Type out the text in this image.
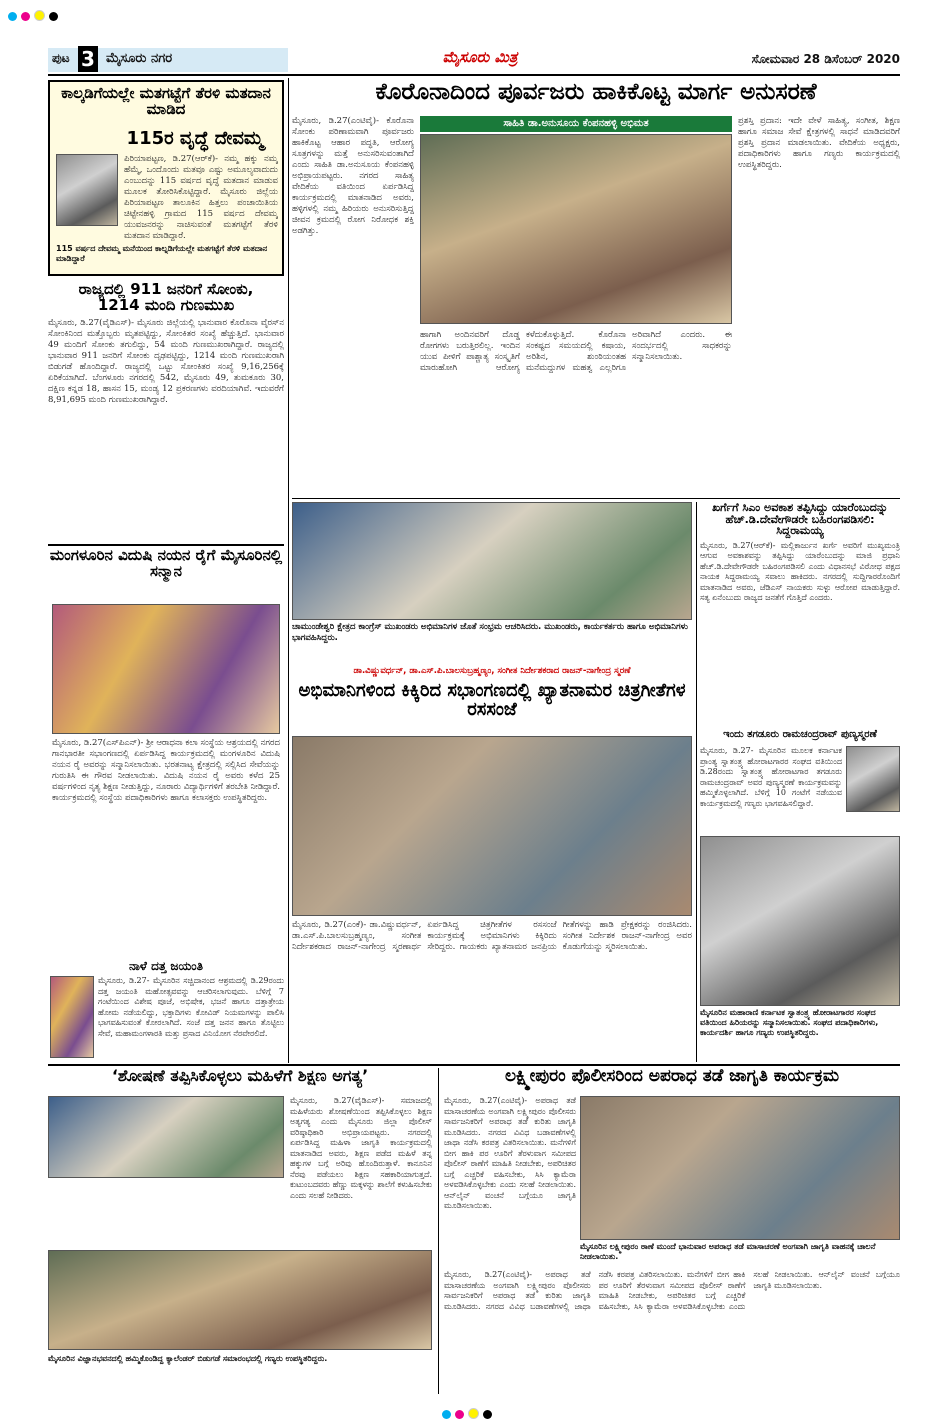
ಪುಟ 3 ಮೈಸೂರು ನಗರ	ಮೈಸೂರು ಮಿತ್ರ	ಸೋಮವಾರ 28 ಡಿಸೆಂಬರ್ 2020
ಕಾಲ್ಕಡಿಗೆಯಲ್ಲೇ ಮತಗಟ್ಟೆಗೆ ತೆರಳಿ ಮತದಾನ ಮಾಡಿದ
115ರ ವೃದ್ಧೆ ದೇವಮ್ಮ
ಪಿರಿಯಾಪಟ್ಟಣ, ಡಿ.27(ಆರ್‌ಕೆ)- ನಮ್ಮ ಹಕ್ಕು ನಮ್ಮ ಹೆಮ್ಮೆ, ಒಂದೊಂದು ಮತವೂ ಎಷ್ಟು ಅಮೂಲ್ಯವಾದುದು ಎಂಬುದನ್ನು 115 ವರ್ಷದ ವೃದ್ಧೆ ಮತದಾನ ಮಾಡುವ ಮೂಲಕ ತೋರಿಸಿಕೊಟ್ಟಿದ್ದಾರೆ. ಮೈಸೂರು ಜಿಲ್ಲೆಯ ಪಿರಿಯಾಪಟ್ಟಣ ತಾಲೂಕಿನ ಹಿತ್ತಲು ಪಂಚಾಯಿತಿಯ ಚಿಟ್ಟೇನಹಳ್ಳಿ ಗ್ರಾಮದ 115 ವರ್ಷದ ದೇವಮ್ಮ ಯುವಜನರನ್ನು ನಾಚಿಸುವಂತೆ ಮತಗಟ್ಟೆಗೆ ತೆರಳಿ ಮತದಾನ ಮಾಡಿದ್ದಾರೆ.
115 ವರ್ಷದ ದೇವಮ್ಮ ಮನೆಯಿಂದ ಕಾಲ್ನಡಿಗೆಯಲ್ಲೇ ಮತಗಟ್ಟೆಗೆ ತೆರಳಿ ಮತದಾನ ಮಾಡಿದ್ದಾರೆ
ರಾಜ್ಯದಲ್ಲಿ 911 ಜನರಿಗೆ ಸೋಂಕು,
1214 ಮಂದಿ ಗುಣಮುಖ
ಮೈಸೂರು, ಡಿ.27(ವೈಡಿಎಸ್)- ಮೈಸೂರು ಜಿಲ್ಲೆಯಲ್ಲಿ ಭಾನುವಾರ ಕೊರೊನಾ ವೈರಸ್‌ನ ಸೋಂಕಿನಿಂದ ಮತ್ತೊಬ್ಬರು ಮೃತಪಟ್ಟಿದ್ದು, ಸೋಂಕಿತರ ಸಂಖ್ಯೆ ಹೆಚ್ಚುತ್ತಿದೆ. ಭಾನುವಾರ 49 ಮಂದಿಗೆ ಸೋಂಕು ತಗುಲಿದ್ದು, 54 ಮಂದಿ ಗುಣಮುಖರಾಗಿದ್ದಾರೆ. ರಾಜ್ಯದಲ್ಲಿ ಭಾನುವಾರ 911 ಜನರಿಗೆ ಸೋಂಕು ದೃಢಪಟ್ಟಿದ್ದು, 1214 ಮಂದಿ ಗುಣಮುಖರಾಗಿ ಬಿಡುಗಡೆ ಹೊಂದಿದ್ದಾರೆ. ರಾಜ್ಯದಲ್ಲಿ ಒಟ್ಟು ಸೋಂಕಿತರ ಸಂಖ್ಯೆ 9,16,256ಕ್ಕೆ ಏರಿಕೆಯಾಗಿದೆ. ಬೆಂಗಳೂರು ನಗರದಲ್ಲಿ 542, ಮೈಸೂರು 49, ತುಮಕೂರು 30, ದಕ್ಷಿಣ ಕನ್ನಡ 18, ಹಾಸನ 15, ಮಂಡ್ಯ 12 ಪ್ರಕರಣಗಳು ವರದಿಯಾಗಿವೆ. ಇದುವರೆಗೆ 8,91,695 ಮಂದಿ ಗುಣಮುಖರಾಗಿದ್ದಾರೆ.
ಮಂಗಳೂರಿನ ವಿದುಷಿ ನಯನ ರೈಗೆ ಮೈಸೂರಿನಲ್ಲಿ ಸನ್ಮಾನ
ಮೈಸೂರು, ಡಿ.27(ಎಸ್‌ಪಿಎನ್)- ಶ್ರೀ ಆರಾಧನಾ ಕಲಾ ಸಂಸ್ಥೆಯ ಆಶ್ರಯದಲ್ಲಿ ನಗರದ ಗಾನಭಾರತೀ ಸಭಾಂಗಣದಲ್ಲಿ ಏರ್ಪಡಿಸಿದ್ದ ಕಾರ್ಯಕ್ರಮದಲ್ಲಿ ಮಂಗಳೂರಿನ ವಿದುಷಿ ನಯನ ರೈ ಅವರನ್ನು ಸನ್ಮಾನಿಸಲಾಯಿತು. ಭರತನಾಟ್ಯ ಕ್ಷೇತ್ರದಲ್ಲಿ ಸಲ್ಲಿಸಿದ ಸೇವೆಯನ್ನು ಗುರುತಿಸಿ ಈ ಗೌರವ ನೀಡಲಾಯಿತು. ವಿದುಷಿ ನಯನ ರೈ ಅವರು ಕಳೆದ 25 ವರ್ಷಗಳಿಂದ ನೃತ್ಯ ಶಿಕ್ಷಣ ನೀಡುತ್ತಿದ್ದು, ನೂರಾರು ವಿದ್ಯಾರ್ಥಿಗಳಿಗೆ ತರಬೇತಿ ನೀಡಿದ್ದಾರೆ. ಕಾರ್ಯಕ್ರಮದಲ್ಲಿ ಸಂಸ್ಥೆಯ ಪದಾಧಿಕಾರಿಗಳು ಹಾಗೂ ಕಲಾಸಕ್ತರು ಉಪಸ್ಥಿತರಿದ್ದರು.
ನಾಳೆ ದತ್ತ ಜಯಂತಿ
ಮೈಸೂರು, ಡಿ.27- ಮೈಸೂರಿನ ಸಚ್ಚಿದಾನಂದ ಆಶ್ರಮದಲ್ಲಿ ಡಿ.29ರಂದು ದತ್ತ ಜಯಂತಿ ಮಹೋತ್ಸವವನ್ನು ಆಚರಿಸಲಾಗುವುದು. ಬೆಳಿಗ್ಗೆ 7 ಗಂಟೆಯಿಂದ ವಿಶೇಷ ಪೂಜೆ, ಅಭಿಷೇಕ, ಭಜನೆ ಹಾಗೂ ದತ್ತಾತ್ರೇಯ ಹೋಮ ನಡೆಯಲಿದ್ದು, ಭಕ್ತಾದಿಗಳು ಕೋವಿಡ್ ನಿಯಮಗಳನ್ನು ಪಾಲಿಸಿ ಭಾಗವಹಿಸುವಂತೆ ಕೋರಲಾಗಿದೆ. ಸಂಜೆ ದತ್ತ ಜನನ ಹಾಗೂ ತೊಟ್ಟಿಲು ಸೇವೆ, ಮಹಾಮಂಗಳಾರತಿ ಮತ್ತು ಪ್ರಸಾದ ವಿನಿಯೋಗ ನೆರವೇರಲಿದೆ.
ಕೊರೊನಾದಿಂದ ಪೂರ್ವಜರು ಹಾಕಿಕೊಟ್ಟ ಮಾರ್ಗ ಅನುಸರಣೆ
ಸಾಹಿತಿ ಡಾ.ಅನುಸೂಯ ಕೆಂಪನಹಳ್ಳಿ ಅಭಿಮತ
ಮೈಸೂರು, ಡಿ.27(ಎಂಟಿವೈ)- ಕೊರೊನಾ ಸೋಂಕು ಪರಿಣಾಮವಾಗಿ ಪೂರ್ವಜರು ಹಾಕಿಕೊಟ್ಟ ಆಹಾರ ಪದ್ಧತಿ, ಆರೋಗ್ಯ ಸೂತ್ರಗಳನ್ನು ಮತ್ತೆ ಅನುಸರಿಸುವಂತಾಗಿದೆ ಎಂದು ಸಾಹಿತಿ ಡಾ.ಅನುಸೂಯ ಕೆಂಪನಹಳ್ಳಿ ಅಭಿಪ್ರಾಯಪಟ್ಟರು. ನಗರದ ಸಾಹಿತ್ಯ ವೇದಿಕೆಯ ವತಿಯಿಂದ ಏರ್ಪಡಿಸಿದ್ದ ಕಾರ್ಯಕ್ರಮದಲ್ಲಿ ಮಾತನಾಡಿದ ಅವರು, ಹಳ್ಳಿಗಳಲ್ಲಿ ನಮ್ಮ ಹಿರಿಯರು ಅನುಸರಿಸುತ್ತಿದ್ದ ಜೀವನ ಕ್ರಮದಲ್ಲಿ ರೋಗ ನಿರೋಧಕ ಶಕ್ತಿ ಅಡಗಿತ್ತು.
ಹಾಗಾಗಿ ಅಂದಿನವರಿಗೆ ದೊಡ್ಡ ರೋಗಗಳು ಬರುತ್ತಿರಲಿಲ್ಲ. ಇಂದಿನ ಯುವ ಪೀಳಿಗೆ ಪಾಶ್ಚಾತ್ಯ ಸಂಸ್ಕೃತಿಗೆ ಮಾರುಹೋಗಿ ಆರೋಗ್ಯ ಕಳೆದುಕೊಳ್ಳುತ್ತಿದೆ. ಕೊರೊನಾ ಸಂಕಷ್ಟದ ಸಮಯದಲ್ಲಿ ಕಷಾಯ, ಅರಿಶಿನ, ಶುಂಠಿಯಂತಹ ಮನೆಮದ್ದುಗಳ ಮಹತ್ವ ಎಲ್ಲರಿಗೂ ಅರಿವಾಗಿದೆ ಎಂದರು. ಈ ಸಂದರ್ಭದಲ್ಲಿ ಸಾಧಕರನ್ನು ಸನ್ಮಾನಿಸಲಾಯಿತು.
ಪ್ರಶಸ್ತಿ ಪ್ರದಾನ: ಇದೇ ವೇಳೆ ಸಾಹಿತ್ಯ, ಸಂಗೀತ, ಶಿಕ್ಷಣ ಹಾಗೂ ಸಮಾಜ ಸೇವೆ ಕ್ಷೇತ್ರಗಳಲ್ಲಿ ಸಾಧನೆ ಮಾಡಿದವರಿಗೆ ಪ್ರಶಸ್ತಿ ಪ್ರದಾನ ಮಾಡಲಾಯಿತು. ವೇದಿಕೆಯ ಅಧ್ಯಕ್ಷರು, ಪದಾಧಿಕಾರಿಗಳು ಹಾಗೂ ಗಣ್ಯರು ಕಾರ್ಯಕ್ರಮದಲ್ಲಿ ಉಪಸ್ಥಿತರಿದ್ದರು.
ಚಾಮುಂಡೇಶ್ವರಿ ಕ್ಷೇತ್ರದ ಕಾಂಗ್ರೆಸ್ ಮುಖಂಡರು ಅಭಿಮಾನಿಗಳ ಜೊತೆ ಸಂಭ್ರಮ ಆಚರಿಸಿದರು. ಮುಖಂಡರು, ಕಾರ್ಯಕರ್ತರು ಹಾಗೂ ಅಭಿಮಾನಿಗಳು ಭಾಗವಹಿಸಿದ್ದರು.
ಡಾ.ವಿಷ್ಣುವರ್ಧನ್, ಡಾ.ಎಸ್.ಪಿ.ಬಾಲಸುಬ್ರಹ್ಮಣ್ಯಂ, ಸಂಗೀತ ನಿರ್ದೇಶಕರಾದ ರಾಜನ್-ನಾಗೇಂದ್ರ ಸ್ಮರಣೆ
ಅಭಿಮಾನಿಗಳಿಂದ ಕಿಕ್ಕಿರಿದ ಸಭಾಂಗಣದಲ್ಲಿ ಖ್ಯಾತನಾಮರ ಚಿತ್ರಗೀತೆಗಳ ರಸಸಂಜೆ
ಮೈಸೂರು, ಡಿ.27(ಎಂಕೆ)- ಡಾ.ವಿಷ್ಣುವರ್ಧನ್, ಡಾ.ಎಸ್.ಪಿ.ಬಾಲಸುಬ್ರಹ್ಮಣ್ಯಂ, ಸಂಗೀತ ನಿರ್ದೇಶಕರಾದ ರಾಜನ್-ನಾಗೇಂದ್ರ ಸ್ಮರಣಾರ್ಥ ಏರ್ಪಡಿಸಿದ್ದ ಚಿತ್ರಗೀತೆಗಳ ರಸಸಂಜೆ ಕಾರ್ಯಕ್ರಮಕ್ಕೆ ಅಭಿಮಾನಿಗಳು ಕಿಕ್ಕಿರಿದು ಸೇರಿದ್ದರು. ಗಾಯಕರು ಖ್ಯಾತನಾಮರ ಜನಪ್ರಿಯ ಗೀತೆಗಳನ್ನು ಹಾಡಿ ಪ್ರೇಕ್ಷಕರನ್ನು ರಂಜಿಸಿದರು. ಸಂಗೀತ ನಿರ್ದೇಶಕ ರಾಜನ್-ನಾಗೇಂದ್ರ ಅವರ ಕೊಡುಗೆಯನ್ನು ಸ್ಮರಿಸಲಾಯಿತು.
ಖರ್ಗೆಗೆ ಸಿಎಂ ಅವಕಾಶ ತಪ್ಪಿಸಿದ್ದು ಯಾರೆಂಬುದನ್ನು ಹೆಚ್.ಡಿ.ದೇವೇಗೌಡರೇ ಬಹಿರಂಗಪಡಿಸಲಿ: ಸಿದ್ದರಾಮಯ್ಯ
ಮೈಸೂರು, ಡಿ.27(ಆರ್‌ಕೆ)- ಮಲ್ಲಿಕಾರ್ಜುನ ಖರ್ಗೆ ಅವರಿಗೆ ಮುಖ್ಯಮಂತ್ರಿ ಆಗುವ ಅವಕಾಶವನ್ನು ತಪ್ಪಿಸಿದ್ದು ಯಾರೆಂಬುದನ್ನು ಮಾಜಿ ಪ್ರಧಾನಿ ಹೆಚ್.ಡಿ.ದೇವೇಗೌಡರೇ ಬಹಿರಂಗಪಡಿಸಲಿ ಎಂದು ವಿಧಾನಸಭೆ ವಿರೋಧ ಪಕ್ಷದ ನಾಯಕ ಸಿದ್ದರಾಮಯ್ಯ ಸವಾಲು ಹಾಕಿದರು. ನಗರದಲ್ಲಿ ಸುದ್ದಿಗಾರರೊಂದಿಗೆ ಮಾತನಾಡಿದ ಅವರು, ಜೆಡಿಎಸ್ ನಾಯಕರು ಸುಳ್ಳು ಆರೋಪ ಮಾಡುತ್ತಿದ್ದಾರೆ. ಸತ್ಯ ಏನೆಂಬುದು ರಾಜ್ಯದ ಜನತೆಗೆ ಗೊತ್ತಿದೆ ಎಂದರು.
ಇಂದು ತಗಡೂರು ರಾಮಚಂದ್ರರಾವ್ ಪುಣ್ಯಸ್ಮರಣೆ
ಮೈಸೂರು, ಡಿ.27- ಮೈಸೂರಿನ ಮೂಲಕ ಕರ್ನಾಟಕ ಪ್ರಾಂತ್ಯ ಸ್ವಾತಂತ್ರ್ಯ ಹೋರಾಟಗಾರರ ಸಂಘದ ವತಿಯಿಂದ ಡಿ.28ರಂದು ಸ್ವಾತಂತ್ರ್ಯ ಹೋರಾಟಗಾರ ತಗಡೂರು ರಾಮಚಂದ್ರರಾವ್ ಅವರ ಪುಣ್ಯಸ್ಮರಣೆ ಕಾರ್ಯಕ್ರಮವನ್ನು ಹಮ್ಮಿಕೊಳ್ಳಲಾಗಿದೆ. ಬೆಳಿಗ್ಗೆ 10 ಗಂಟೆಗೆ ನಡೆಯುವ ಕಾರ್ಯಕ್ರಮದಲ್ಲಿ ಗಣ್ಯರು ಭಾಗವಹಿಸಲಿದ್ದಾರೆ.
ಮೈಸೂರಿನ ಮಹಾರಾಣಿ ಕರ್ನಾಟಕ ಸ್ವಾತಂತ್ರ್ಯ ಹೋರಾಟಗಾರರ ಸಂಘದ ವತಿಯಿಂದ ಹಿರಿಯರನ್ನು ಸನ್ಮಾನಿಸಲಾಯಿತು. ಸಂಘದ ಪದಾಧಿಕಾರಿಗಳು, ಕಾರ್ಯದರ್ಶಿ ಹಾಗೂ ಗಣ್ಯರು ಉಪಸ್ಥಿತರಿದ್ದರು.
‘ಶೋಷಣೆ ತಪ್ಪಿಸಿಕೊಳ್ಳಲು ಮಹಿಳೆಗೆ ಶಿಕ್ಷಣ ಅಗತ್ಯ’
ಮೈಸೂರು, ಡಿ.27(ವೈಡಿಎಸ್)- ಸಮಾಜದಲ್ಲಿ ಮಹಿಳೆಯರು ಶೋಷಣೆಯಿಂದ ತಪ್ಪಿಸಿಕೊಳ್ಳಲು ಶಿಕ್ಷಣ ಅತ್ಯಗತ್ಯ ಎಂದು ಮೈಸೂರು ಜಿಲ್ಲಾ ಪೊಲೀಸ್ ವರಿಷ್ಠಾಧಿಕಾರಿ ಅಭಿಪ್ರಾಯಪಟ್ಟರು. ನಗರದಲ್ಲಿ ಏರ್ಪಡಿಸಿದ್ದ ಮಹಿಳಾ ಜಾಗೃತಿ ಕಾರ್ಯಕ್ರಮದಲ್ಲಿ ಮಾತನಾಡಿದ ಅವರು, ಶಿಕ್ಷಣ ಪಡೆದ ಮಹಿಳೆ ತನ್ನ ಹಕ್ಕುಗಳ ಬಗ್ಗೆ ಅರಿವು ಹೊಂದಿರುತ್ತಾಳೆ. ಕಾನೂನಿನ ನೆರವು ಪಡೆಯಲು ಶಿಕ್ಷಣ ಸಹಕಾರಿಯಾಗುತ್ತದೆ. ಕುಟುಂಬದವರು ಹೆಣ್ಣು ಮಕ್ಕಳನ್ನು ಶಾಲೆಗೆ ಕಳುಹಿಸಬೇಕು ಎಂದು ಸಲಹೆ ನೀಡಿದರು.
ಮೈಸೂರಿನ ವಿಜ್ಞಾನಭವನದಲ್ಲಿ ಹಮ್ಮಿಕೊಂಡಿದ್ದ ಕ್ಯಾಲೆಂಡರ್ ಬಿಡುಗಡೆ ಸಮಾರಂಭದಲ್ಲಿ ಗಣ್ಯರು ಉಪಸ್ಥಿತರಿದ್ದರು.
ಲಕ್ಷ್ಮೀಪುರಂ ಪೊಲೀಸರಿಂದ ಅಪರಾಧ ತಡೆ ಜಾಗೃತಿ ಕಾರ್ಯಕ್ರಮ
ಮೈಸೂರು, ಡಿ.27(ಎಂಟಿವೈ)- ಅಪರಾಧ ತಡೆ ಮಾಸಾಚರಣೆಯ ಅಂಗವಾಗಿ ಲಕ್ಷ್ಮೀಪುರಂ ಪೊಲೀಸರು ಸಾರ್ವಜನಿಕರಿಗೆ ಅಪರಾಧ ತಡೆ ಕುರಿತು ಜಾಗೃತಿ ಮೂಡಿಸಿದರು. ನಗರದ ವಿವಿಧ ಬಡಾವಣೆಗಳಲ್ಲಿ ಜಾಥಾ ನಡೆಸಿ ಕರಪತ್ರ ವಿತರಿಸಲಾಯಿತು. ಮನೆಗಳಿಗೆ ಬೀಗ ಹಾಕಿ ಪರ ಊರಿಗೆ ತೆರಳುವಾಗ ಸಮೀಪದ ಪೊಲೀಸ್ ಠಾಣೆಗೆ ಮಾಹಿತಿ ನೀಡಬೇಕು, ಅಪರಿಚಿತರ ಬಗ್ಗೆ ಎಚ್ಚರಿಕೆ ವಹಿಸಬೇಕು, ಸಿಸಿ ಕ್ಯಾಮೆರಾ ಅಳವಡಿಸಿಕೊಳ್ಳಬೇಕು ಎಂದು ಸಲಹೆ ನೀಡಲಾಯಿತು. ಆನ್‌ಲೈನ್ ವಂಚನೆ ಬಗ್ಗೆಯೂ ಜಾಗೃತಿ ಮೂಡಿಸಲಾಯಿತು.
ಮೈಸೂರಿನ ಲಕ್ಷ್ಮೀಪುರಂ ಠಾಣೆ ಮುಂದೆ ಭಾನುವಾರ ಅಪರಾಧ ತಡೆ ಮಾಸಾಚರಣೆ ಅಂಗವಾಗಿ ಜಾಗೃತಿ ವಾಹನಕ್ಕೆ ಚಾಲನೆ ನೀಡಲಾಯಿತು.
ಮೈಸೂರು, ಡಿ.27(ಎಂಟಿವೈ)- ಅಪರಾಧ ತಡೆ ಮಾಸಾಚರಣೆಯ ಅಂಗವಾಗಿ ಲಕ್ಷ್ಮೀಪುರಂ ಪೊಲೀಸರು ಸಾರ್ವಜನಿಕರಿಗೆ ಅಪರಾಧ ತಡೆ ಕುರಿತು ಜಾಗೃತಿ ಮೂಡಿಸಿದರು. ನಗರದ ವಿವಿಧ ಬಡಾವಣೆಗಳಲ್ಲಿ ಜಾಥಾ ನಡೆಸಿ ಕರಪತ್ರ ವಿತರಿಸಲಾಯಿತು. ಮನೆಗಳಿಗೆ ಬೀಗ ಹಾಕಿ ಪರ ಊರಿಗೆ ತೆರಳುವಾಗ ಸಮೀಪದ ಪೊಲೀಸ್ ಠಾಣೆಗೆ ಮಾಹಿತಿ ನೀಡಬೇಕು, ಅಪರಿಚಿತರ ಬಗ್ಗೆ ಎಚ್ಚರಿಕೆ ವಹಿಸಬೇಕು, ಸಿಸಿ ಕ್ಯಾಮೆರಾ ಅಳವಡಿಸಿಕೊಳ್ಳಬೇಕು ಎಂದು ಸಲಹೆ ನೀಡಲಾಯಿತು. ಆನ್‌ಲೈನ್ ವಂಚನೆ ಬಗ್ಗೆಯೂ ಜಾಗೃತಿ ಮೂಡಿಸಲಾಯಿತು.
